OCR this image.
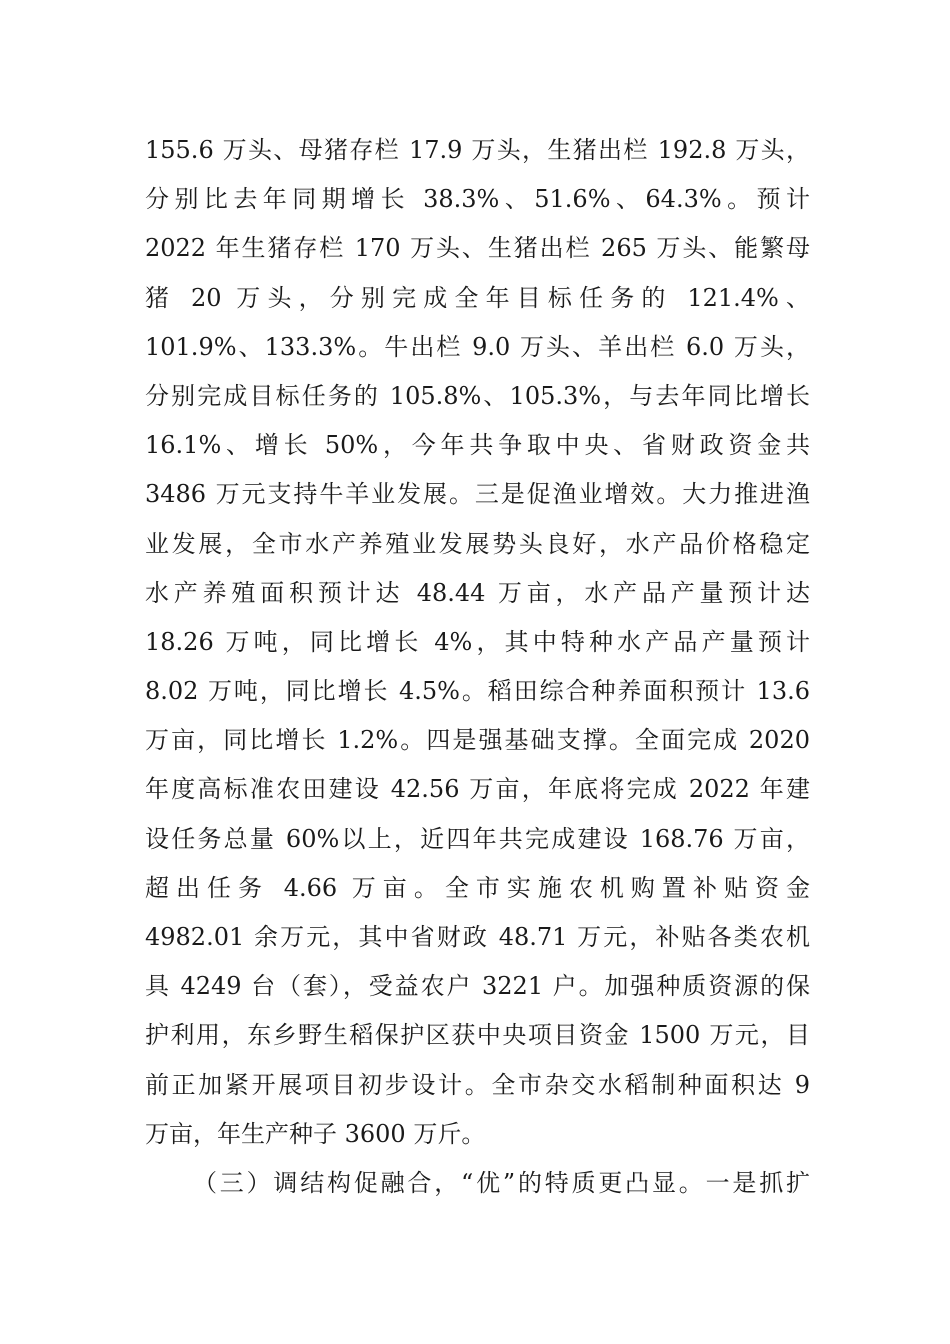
155.6 万头、母猪存栏 17.9 万头，生猪出栏 192.8 万头，
分别比去年同期增长 38.3%、51.6%、64.3%。预计
2022 年生猪存栏 170 万头、生猪出栏 265 万头、能繁母
猪 20 万头，分别完成全年目标任务的 121.4%、
101.9%、133.3%。牛出栏 9.0 万头、羊出栏 6.0 万头，
分别完成目标任务的 105.8%、105.3%，与去年同比增长
16.1%、增长 50%，今年共争取中央、省财政资金共
3486 万元支持牛羊业发展。三是促渔业增效。大力推进渔
业发展，全市水产养殖业发展势头良好，水产品价格稳定
水产养殖面积预计达 48.44 万亩，水产品产量预计达
18.26 万吨，同比增长 4%，其中特种水产品产量预计
8.02 万吨，同比增长 4.5%。稻田综合种养面积预计 13.6
万亩，同比增长 1.2%。四是强基础支撑。全面完成 2020
年度高标准农田建设 42.56 万亩，年底将完成 2022 年建
设任务总量 60%以上，近四年共完成建设 168.76 万亩，
超出任务 4.66 万亩。全市实施农机购置补贴资金
4982.01 余万元，其中省财政 48.71 万元，补贴各类农机
具 4249 台（套），受益农户 3221 户。加强种质资源的保
护利用，东乡野生稻保护区获中央项目资金 1500 万元，目
前正加紧开展项目初步设计。全市杂交水稻制种面积达 9
万亩，年生产种子 3600 万斤。
（三）调结构促融合，“优”的特质更凸显。一是抓扩
